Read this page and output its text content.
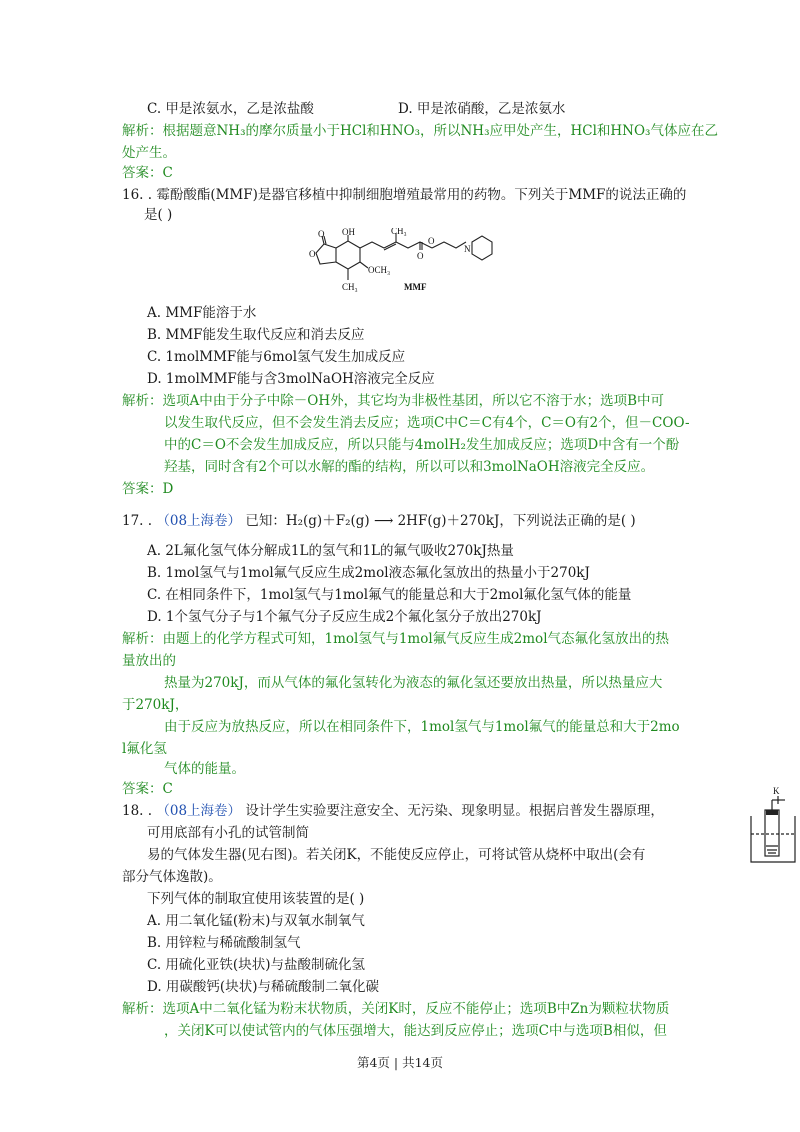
C. 甲是浓氨水，乙是浓盐酸	D. 甲是浓硝酸，乙是浓氨水
解析：根据题意NH₃的摩尔质量小于HCl和HNO₃，所以NH₃应甲处产生，HCl和HNO₃气体应在乙
处产生。
答案：C
16. . 霉酚酸酯(MMF)是器官移植中抑制细胞增殖最常用的药物。下列关于MMF的说法正确的
是( )
O
O
OH	CH₃
O
O
N
OCH₃
CH₃	MMF
A. MMF能溶于水
B. MMF能发生取代反应和消去反应
C. 1molMMF能与6mol氢气发生加成反应
D. 1molMMF能与含3molNaOH溶液完全反应
解析：选项A中由于分子中除－OH外，其它均为非极性基团，所以它不溶于水；选项B中可
以发生取代反应，但不会发生消去反应；选项C中C＝C有4个，C＝O有2个，但－COO-
中的C＝O不会发生加成反应，所以只能与4molH₂发生加成反应；选项D中含有一个酚
羟基，同时含有2个可以水解的酯的结构，所以可以和3molNaOH溶液完全反应。
答案：D
17. . （08上海卷） 已知：H₂(g)＋F₂(g) ⟶ 2HF(g)＋270kJ，下列说法正确的是( )
A. 2L氟化氢气体分解成1L的氢气和1L的氟气吸收270kJ热量
B. 1mol氢气与1mol氟气反应生成2mol液态氟化氢放出的热量小于270kJ
C. 在相同条件下，1mol氢气与1mol氟气的能量总和大于2mol氟化氢气体的能量
D. 1个氢气分子与1个氟气分子反应生成2个氟化氢分子放出270kJ
解析：由题上的化学方程式可知，1mol氢气与1mol氟气反应生成2mol气态氟化氢放出的热
量放出的
热量为270kJ，而从气体的氟化氢转化为液态的氟化氢还要放出热量，所以热量应大
于270kJ，
由于反应为放热反应，所以在相同条件下，1mol氢气与1mol氟气的能量总和大于2mo
l氟化氢
气体的能量。
答案：C
18. . （08上海卷） 设计学生实验要注意安全、无污染、现象明显。根据启普发生器原理，
可用底部有小孔的试管制简
易的气体发生器(见右图)。若关闭K，不能使反应停止，可将试管从烧杯中取出(会有
部分气体逸散)。
下列气体的制取宜使用该装置的是( )
A. 用二氧化锰(粉末)与双氧水制氧气
B. 用锌粒与稀硫酸制氢气
C. 用硫化亚铁(块状)与盐酸制硫化氢
D. 用碳酸钙(块状)与稀硫酸制二氧化碳
解析：选项A中二氧化锰为粉末状物质，关闭K时，反应不能停止；选项B中Zn为颗粒状物质
，关闭K可以使试管内的气体压强增大，能达到反应停止；选项C中与选项B相似，但
K
第4页 | 共14页
